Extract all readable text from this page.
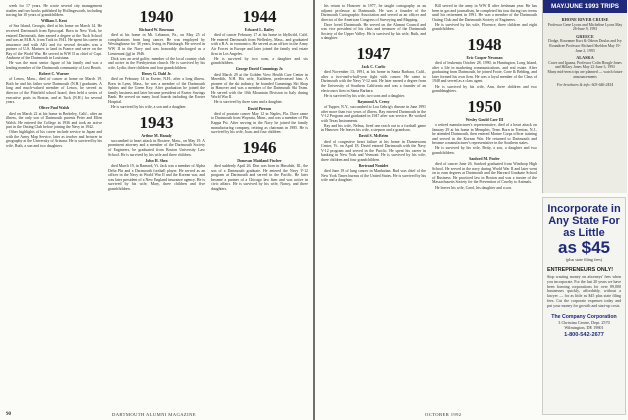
week for 17 years. He wrote several city management studies and two books published by Hollingsworth, including tracing his 10 years of grandchildren.

William I. Kent

of Sea Island, Georgia, died at his home on March 14. He received Dartmouth from Episcopal. Born in New York, he entered Dartmouth, then earned a degree at the Tuck School and was an M.B.A. from Tuck in 1941. He spent his career in insurance and with AIG and for several decades was a partner of U.S. Marines to land in France and serve on the Bay of the World War. He served in WW II as chief of Capt. Ambrose of the Dartmouth in Louisiana.

He was the most senior figure of his family and was a leading member of the Dartmouth community of Lost Beach.

Robert C. Warner

of Lenox, Mass., died of cancer at home on March 19. Both he and his father were Dartmouth (N.H.) graduates. A long and much-valued member of Lenox, he served as director of the Pittsfield school board, then held a series of executive posts in Boston, and at Tuck (N.H.) for several years.

Oliver Paul Walsh

died on March 22 at his home in Berkeley, Calif., after an illness, the only son of Dartmouth parents Peter and Ellen Walsh. He entered the College in 1936 and took an active part in the Outing Club before joining the Navy in 1942.

Other highlights of his career include service in Japan and with the Army Map Service, later as teacher and lecturer in geography at the University of Arizona. He is survived by his wife, Ruth, a son and two daughters.

1940
Richard W. Bowman

died at his home in Mt. Lebanon, Pa., on May 25 of complications from lung cancer. He was employed by Westinghouse for 38 years, living in Pittsburgh. He served in WW II in the Navy and was honorably discharged as a Lieutenant (jg) in 1946.

Dick was an avid golfer, member of the local country club and active in the Presbyterian church. He is survived by his wife, Lydia, three children and four grandchildren.

Henry G. Dahl Jr.

died on February 14 in Exeter, N.H., after a long illness. Born in Lynn, Mass., he was a member of the Dartmouth Sphinx and the Green Key. After graduation he joined the family business and later became president of Exeter Savings Bank. He served on many local boards including the Exeter Hospital.

He is survived by his wife, a son and a daughter.

1943
Arthur M. Hanaly

succumbed to heart attack in Boxtree, Mass., on May 19. A prominent attorney and a member of the Dartmouth Society of Engineers, he graduated from Boston University Law School. He is survived by his wife and three children.

John H. Shea

died March 19, in Barnard, Vt. Jack was a member of Alpha Delta Phi and a Dartmouth football player. He served as an officer in the Navy in World War II and the Korean war, and was later president of a New England insurance agency. He is survived by his wife, Mary, three children and five grandchildren.

1944
Edward L. Bailey

died of cancer February 17 at his home in Idyllwild, Calif. He entered Dartmouth from Wellesley, Mass., and graduated with a B.A. in economics. He served as an officer in the Army Air Forces in Europe and later joined the family real estate firm in Los Angeles.

He is survived by two sons, a daughter and six grandchildren.

George David Cummings Jr.

died March 29 at the Golden View Health Care Center in Meredith, N.H. His wife, Kathleen, predeceased him. A pioneer of the ski industry, he founded Cummings Ski Shop in Hanover and was a member of the Dartmouth Ski Team. He served with the 10th Mountain Division in Italy during World War II.

He is survived by three sons and a daughter.

David Pierson

died of prostate cancer May 12 in Naples, Fla. Dave came to Dartmouth from Wayzata, Minn., and was a member of Phi Kappa Psi. After serving in the Navy he joined the family manufacturing company, retiring as chairman in 1985. He is survived by his wife, Joan, and four children.

1946
Donovan Maitland Fischer

died suddenly April 26. Don was born in Hinsdale, Ill., the son of a Dartmouth graduate. He entered the Navy V-12 program at Dartmouth and served in the Pacific. He later became a partner of a Chicago law firm and was active in civic affairs. He is survived by his wife, Nancy, and three daughters.

90	DARTMOUTH ALUMNI MAGAZINE

his return to Hanover in 1977, he taught cartography as an adjunct professor at Dartmouth. He was a founder of the Dartmouth Cartographic Association and served as an officer and director of the American Congress of Surveying and Mapping.

Dave loved Dartmouth. He served on the Alumni Council and was vice president of his class and treasurer of the Dartmouth Society of the Upper Valley. He is survived by his wife, Ruth, and a daughter.

1947
Jack C. Carlic

died November 13, 1991, at his home in Santa Barbara, Calif., after a two-and-a-half-year fight with cancer. He came to Dartmouth with the Navy V-12 unit. He later earned a degree from the University of Southern California and was a founder of an electronics firm in Santa Barbara.

He is survived by his wife, two sons and a daughter.

Raymond A. Cerny

of Tupper, N.Y., succumbed to Lou Gehrig's disease in June 1991 after more than two years of illness. Ray entered Dartmouth in the V-12 Program and graduated in 1947 after war service. He worked with Texas Instruments.

Ray and his wife, Nelma, lived one reach out to a football game in Hanover. He leaves his wife, a stepson and a grandson.

David S. McBrien

died of congestive heart failure at his home in Dunnewonn Center, Vt. on April 18. David entered Dartmouth with the Navy V-12 program and served in the Pacific. He spent his career in banking in New York and Vermont. He is survived by his wife, three children and four grandchildren.

Bertrand Nonidet

died June 19 of lung cancer in Manhattan. Bud was chief of the New York Times bureau of the United States. He is survived by his wife and a daughter.

Bill served in the army in WW II after freshman year. He has been in gas and journalism, he completed his tour during two terms until his retirement in 1991. He was a member of the Dartmouth Outing Club and the Dartmouth Society of Engineers.

He is survived by his wife, Florence, three children and eight grandchildren.

1948
Eric Cooper Newman

died of leukemia October 28, 1990, in Huntington, Long Island, after a life in marketing communications, and real estate. After graduating from Dartmouth, he joined Foote, Cone & Belding, and later formed his own firm. He was a loyal member of the Class of 1948 and served as a class agent.

He is survived by his wife, Ann, three children and two granddaughters.

1950
Wesley Gould Carr III

a retired manufacturer's representative, died of a heart attack on January 29 at his home in Memphis, Tenn. Born in Trenton, N.J., he attended Dartmouth, then entered Marine Corps officer training and served in the Korean War. He returned to Dartmouth and became a manufacturer's representative in the Southern states.

He is survived by his wife, Betty, a son, a daughter and two grandchildren.

Sanford M. Pooler

died of cancer June 26. Sanford graduated from Winthrop High School. He served in the navy during World War II and later went on to earn degrees at Dartmouth and the Harvard Graduate School of Business. He practiced law in Boston and was a trustee of the Massachusetts Society for the Prevention of Cruelty to Animals.

He leaves his wife, Carol, his daughter and a son.

OCTOBER 1992
MAY/JUNE 1993 TRIPS
RHONE RIVER CRUISE
Professor Gene Lyons and Micheline Lyons May 26-June 9, 1993
GREECE
Dodge, Roseanne Kurt & Odeon Doulas and Ivy Roundtree Professor Richard Sheldon May 19-June 2, 1993
ALASKA
Crave and Iguana, Professor Colin Hough-Jones and Hillary Jones May 22-June 3, 1993
Many mid-term trips are planned — watch future announcements
For brochures & info: 603-646-2454
Incorporate in Any State For as Little
as $45
(plus state filing fees)
ENTREPRENEURS ONLY!
Stop wasting money on attorneys' fees when you incorporate. For the last 20 years we have been forming corporations for over 89,000 businesses quickly, affordably, without a lawyer — for as little as $45 plus state filing fees. Cut the corporate expenses today and put your money for growth and start-up costs.
The Company Corporation
3 Christina Centre, Dept. 2570
Wilmington, DE 19801
1-800-542-2677
